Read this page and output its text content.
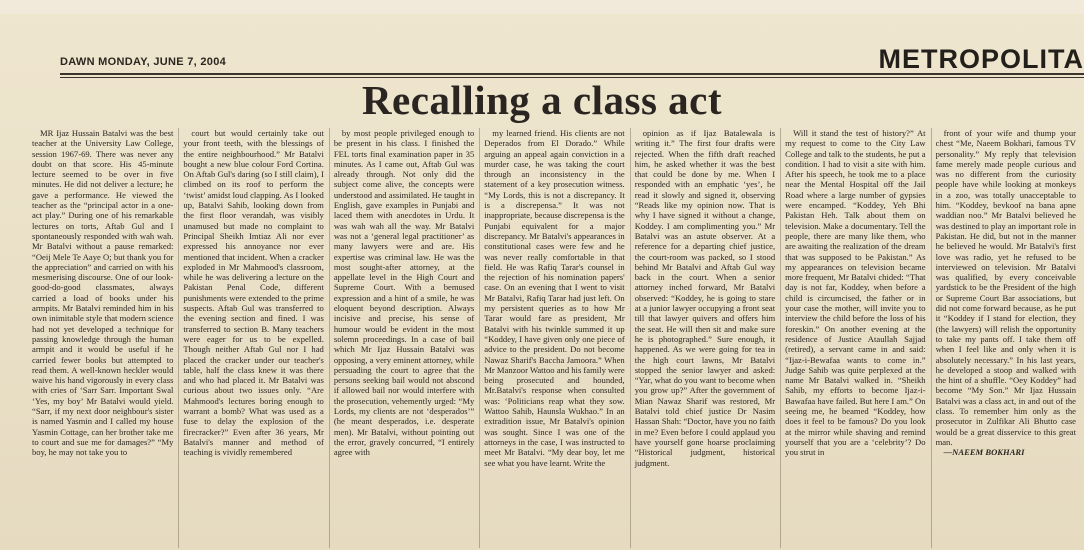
DAWN MONDAY, JUNE 7, 2004	METROPOLITA
Recalling a class act

MR Ijaz Hussain Batalvi was the best teacher at the University Law College, session 1967-69. There was never any doubt on that score. His 45-minute lecture seemed to be over in five minutes. He did not deliver a lecture; he gave a performance. He viewed the teacher as the “principal actor in a one-act play.” During one of his remarkable lectures on torts, Aftab Gul and I spontaneously responded with wah wah. Mr Batalvi without a pause remarked: “Oeij Mele Te Aaye O; but thank you for the appreciation” and carried on with his mesmerising discourse. One of our look-good-do-good classmates, always carried a load of books under his armpits. Mr Batalvi reminded him in his own inimitable style that modern science had not yet developed a technique for passing knowledge through the human armpit and it would be useful if he carried fewer books but attempted to read them. A well-known heckler would waive his hand vigorously in every class with cries of ‘Sarr Sarr. Important Swal ‘Yes, my boy’ Mr Batalvi would yield. “Sarr, if my next door neighbour's sister is named Yasmin and I called my house Yasmin Cottage, can her brother take me to court and sue me for damages?” “My boy, he may not take you to

court but would certainly take out your front teeth, with the blessings of the entire neighbourhood.” Mr Batalvi bought a new blue colour Ford Cortina. On Aftab Gul's daring (so I still claim), I climbed on its roof to perform the ‘twist’ amidst loud clapping. As I looked up, Batalvi Sahib, looking down from the first floor verandah, was visibly unamused but made no complaint to Principal Sheikh Imtiaz Ali nor ever expressed his annoyance nor ever mentioned that incident. When a cracker exploded in Mr Mahmood's classroom, while he was delivering a lecture on the Pakistan Penal Code, different punishments were extended to the prime suspects. Aftab Gul was transferred to the evening section and fined. I was transferred to section B. Many teachers were eager for us to be expelled. Though neither Aftab Gul nor I had placed the cracker under our teacher's table, half the class knew it was there and who had placed it. Mr Batalvi was curious about two issues only. “Are Mahmood's lectures boring enough to warrant a bomb? What was used as a fuse to delay the explosion of the firecracker?” Even after 36 years, Mr Batalvi's manner and method of teaching is vividly remembered

by most people privileged enough to be present in his class. I finished the FEL torts final examination paper in 35 minutes. As I came out, Aftab Gul was already through. Not only did the subject come alive, the concepts were understood and assimilated. He taught in English, gave examples in Punjabi and laced them with anecdotes in Urdu. It was wah wah all the way. Mr Batalvi was not a ‘general legal practitioner’ as many lawyers were and are. His expertise was criminal law. He was the most sought-after attorney, at the appellate level in the High Court and Supreme Court. With a bemused expression and a hint of a smile, he was eloquent beyond description. Always incisive and precise, his sense of humour would be evident in the most solemn proceedings. In a case of bail which Mr Ijaz Hussain Batalvi was opposing, a very eminent attorney, while persuading the court to agree that the persons seeking bail would not abscond if allowed bail nor would interfere with the prosecution, vehemently urged: “My Lords, my clients are not ‘desperados’” (he meant desperados, i.e. desperate men). Mr Batalvi, without pointing out the error, gravely concurred, “I entirely agree with

my learned friend. His clients are not Deperados from El Dorado.” While arguing an appeal again conviction in a murder case, he was taking the court through an inconsistency in the statement of a key prosecution witness. “My Lords, this is not a discrepancy. It is a discrepensa.” It was not inappropriate, because discrepensa is the Punjabi equivalent for a major discrepancy. Mr Batalvi's appearances in constitutional cases were few and he was never really comfortable in that field. He was Rafiq Tarar's counsel in the rejection of his nomination papers' case. On an evening that I went to visit Mr Batalvi, Rafiq Tarar had just left. On my persistent queries as to how Mr Tarar would fare as president, Mr Batalvi with his twinkle summed it up “Koddey, I have given only one piece of advice to the president. Do not become Nawaz Sharif's Baccha Jamoora.” When Mr Manzoor Wattoo and his family were being prosecuted and hounded, Mr.Batalvi's response when consulted was: ‘Politicians reap what they sow. Wattoo Sahib, Haunsla Wukhao.” In an extradition issue, Mr Batalvi's opinion was sought. Since I was one of the attorneys in the case, I was instructed to meet Mr Batalvi. “My dear boy, let me see what you have learnt. Write the

opinion as if Ijaz Batalewala is writing it.” The first four drafts were rejected. When the fifth draft reached him, he asked whether it was the best that could be done by me. When I responded with an emphatic ‘yes’, he read it slowly and signed it, observing “Reads like my opinion now. That is why I have signed it without a change, Koddey. I am complimenting you.” Mr Batalvi was an astute observer. At a reference for a departing chief justice, the court-room was packed, so I stood behind Mr Batalvi and Aftab Gul way back in the court. When a senior attorney inched forward, Mr Batalvi observed: “Koddey, he is going to stare at a junior lawyer occupying a front seat till that lawyer quivers and offers him the seat. He will then sit and make sure he is photographed.” Sure enough, it happened. As we were going for tea in the high court lawns, Mr Batalvi stopped the senior lawyer and asked: “Yar, what do you want to become when you grow up?” After the government of Mian Nawaz Sharif was restored, Mr Batalvi told chief justice Dr Nasim Hassan Shah: “Doctor, have you no faith in me? Even before I could applaud you have yourself gone hoarse proclaiming “Historical judgment, historical judgment.

Will it stand the test of history?” At my request to come to the City Law College and talk to the students, he put a condition. I had to visit a site with him. After his speech, he took me to a place near the Mental Hospital off the Jail Road where a large number of gypsies were encamped. “Koddey, Yeh Bhi Pakistan Heh. Talk about them on television. Make a documentary. Tell the people, there are many like them, who are awaiting the realization of the dream that was supposed to be Pakistan.” As my appearances on television became more frequent, Mr Batalvi chided: “That day is not far, Koddey, when before a child is circumcised, the father or in your case the mother, will invite you to interview the child before the loss of his foreskin.” On another evening at the residence of Justice Ataullah Sajjad (retired), a servant came in and said: “Ijaz-i-Bewafaa wants to come in.” Judge Sahib was quite perplexed at the name Mr Batalvi walked in. “Sheikh Sahib, my efforts to become Ijaz-i-Bawafaa have failed. But here I am.” On seeing me, he beamed “Koddey, how does it feel to be famous? Do you look at the mirror while shaving and remind yourself that you are a ‘celebrity’? Do you strut in

front of your wife and thump your chest “Me, Naeem Bokhari, famous TV personality.” My reply that television fame merely made people curious and was no different from the curiosity people have while looking at monkeys in a zoo, was totally unacceptable to him. “Koddey, bevkoof na bana apne waddian noo.” Mr Batalvi believed he was destined to play an important role in Pakistan. He did, but not in the manner he believed he would. Mr Batalvi's first love was radio, yet he refused to be interviewed on television. Mr Batalvi was qualified, by every conceivable yardstick to be the President of the high or Supreme Court Bar associations, but did not come forward because, as he put it “Koddey if I stand for election, they (the lawyers) will relish the opportunity to take my pants off. I take them off when I feel like and only when it is absolutely necessary.” In his last years, he developed a stoop and walked with the hint of a shuffle. “Oey Koddey” had become “My Son.” Mr Ijaz Hussain Batalvi was a class act, in and out of the class. To remember him only as the prosecutor in Zulfikar Ali Bhutto case would be a great disservice to this great man.

—NAEEM BOKHARI
